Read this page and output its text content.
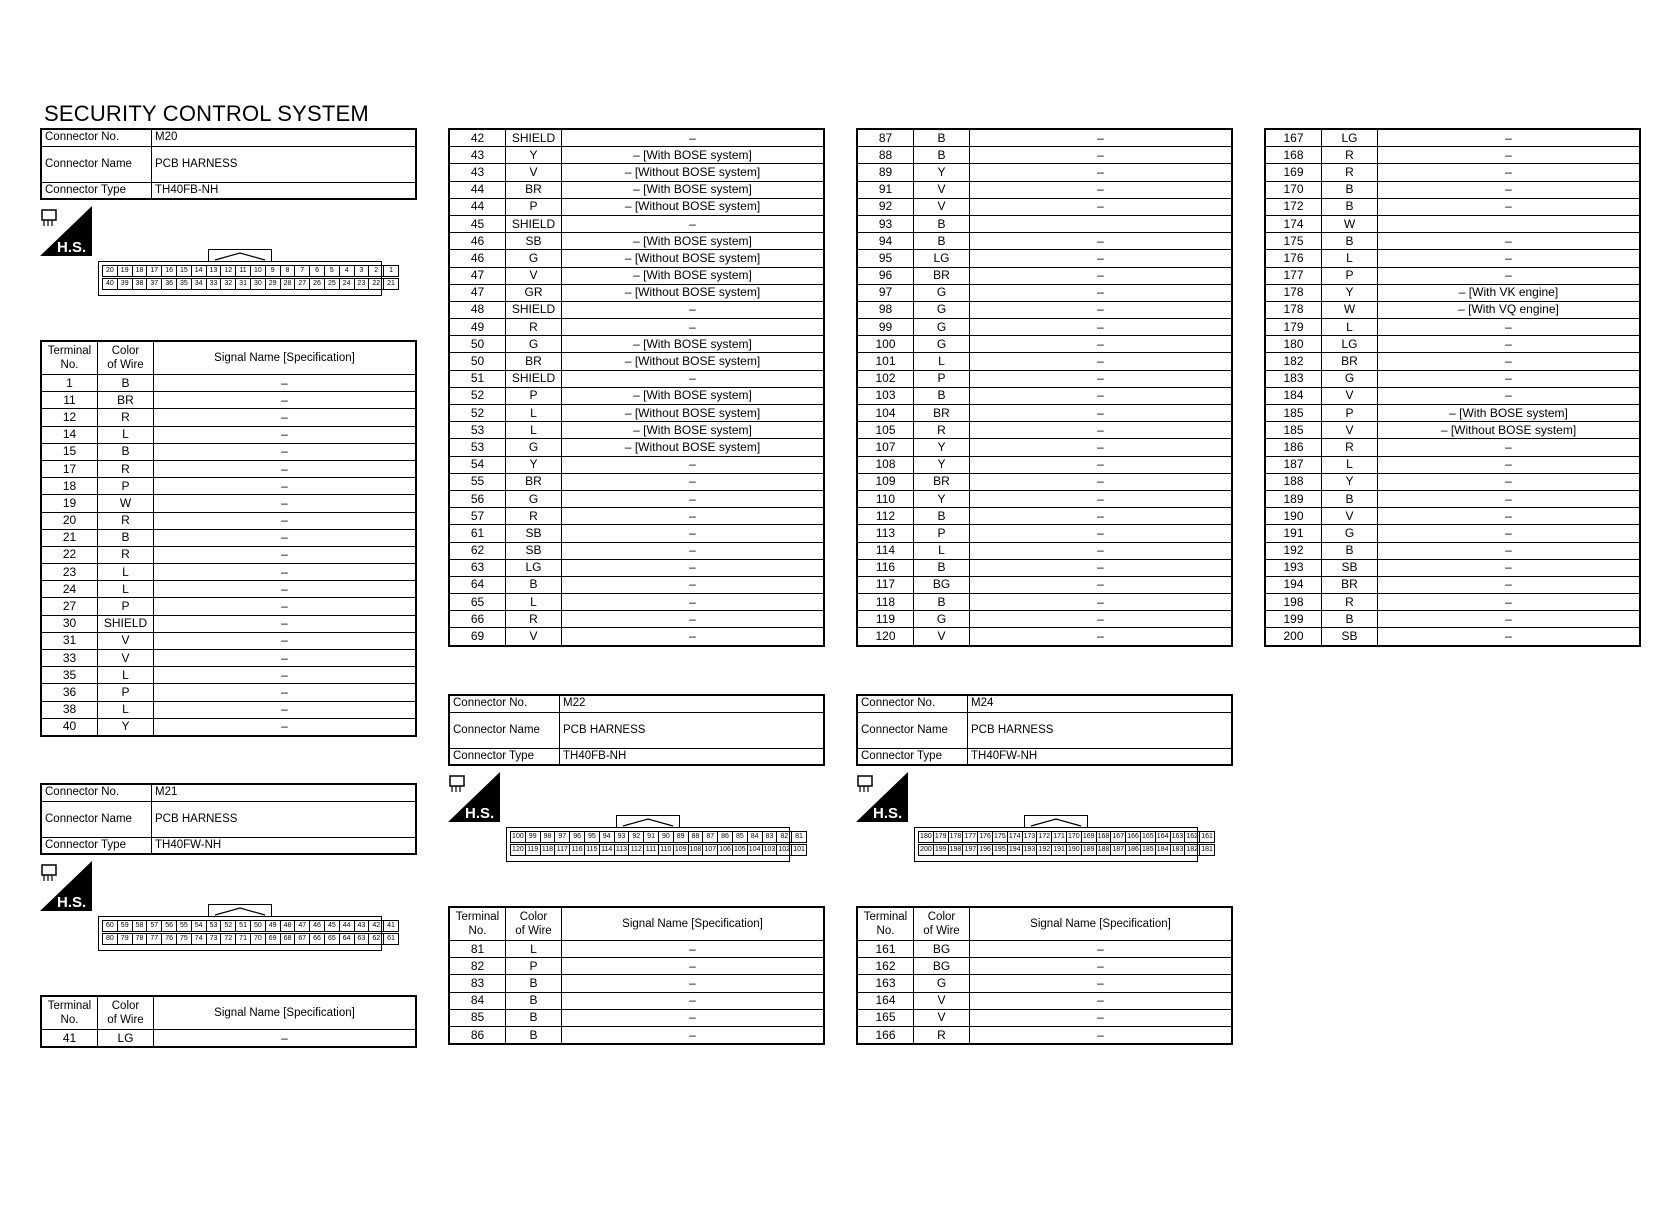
SECURITY CONTROL SYSTEM
Connector No.	M20
Connector Name	PCB HARNESS
Connector Type	TH40FB-NH
Connector No.	M21
Connector Name	PCB HARNESS
Connector Type	TH40FW-NH
Connector No.	M22
Connector Name	PCB HARNESS
Connector Type	TH40FB-NH
Connector No.	M24
Connector Name	PCB HARNESS
Connector Type	TH40FW-NH
H.S.
H.S.
H.S.	H.S.
20	19	18	17	16	15	14	13	12	11	10	9	8	7	6	5	4	3	2	1
40	39	38	37	36	35	34	33	32	31	30	29	28	27	26	25	24	23	22	21
60	59	58	57	56	55	54	53	52	51	50	49	48	47	46	45	44	43	42	41
80	79	78	77	76	75	74	73	72	71	70	69	68	67	66	65	64	63	62	61
100 99	98	97	96	95	94	93	92	91	90	89	88	87	86	85	84	83	82	81
120 119 118 117 116 115 114 113 112 111 110 109 108 107 106 105 104 103 102 101
180 179 178 177 176 175 174 173 172 171 170 169 168 167 166 165 164 163 162 161
200 199 198 197 196 195 194 193 192 191 190 189 188 187 186 185 184 183 182 181
Terminal
No.	Color
of Wire	Signal Name [Specification]
1	B	–
11	BR	–
12	R	–
14	L	–
15	B	–
17	R	–
18	P	–
19	W	–
20	R	–
21	B	–
22	R	–
23	L	–
24	L	–
27	P	–
30	SHIELD	–
31	V	–
33	V	–
35	L	–
36	P	–
38	L	–
40	Y	–
Terminal
No.	Color
of Wire	Signal Name [Specification]
41	LG	–
42	SHIELD	–
43	Y	– [With BOSE system]
43	V	– [Without BOSE system]
44	BR	– [With BOSE system]
44	P	– [Without BOSE system]
45	SHIELD	–
46	SB	– [With BOSE system]
46	G	– [Without BOSE system]
47	V	– [With BOSE system]
47	GR	– [Without BOSE system]
48	SHIELD	–
49	R	–
50	G	– [With BOSE system]
50	BR	– [Without BOSE system]
51	SHIELD	–
52	P	– [With BOSE system]
52	L	– [Without BOSE system]
53	L	– [With BOSE system]
53	G	– [Without BOSE system]
54	Y	–
55	BR	–
56	G	–
57	R	–
61	SB	–
62	SB	–
63	LG	–
64	B	–
65	L	–
66	R	–
69	V	–
Terminal
No.	Color
of Wire	Signal Name [Specification]
81	L	–
82	P	–
83	B	–
84	B	–
85	B	–
86	B	–
87	B	–
88	B	–
89	Y	–
91	V	–
92	V	–
93	B	
94	B	–
95	LG	–
96	BR	–
97	G	–
98	G	–
99	G	–
100	G	–
101	L	–
102	P	–
103	B	–
104	BR	–
105	R	–
107	Y	–
108	Y	–
109	BR	–
110	Y	–
112	B	–
113	P	–
114	L	–
116	B	–
117	BG	–
118	B	–
119	G	–
120	V	–
Terminal
No.	Color
of Wire	Signal Name [Specification]
161	BG	–
162	BG	–
163	G	–
164	V	–
165	V	–
166	R	–
167	LG	–
168	R	–
169	R	–
170	B	–
172	B	–
174	W	
175	B	–
176	L	–
177	P	–
178	Y	– [With VK engine]
178	W	– [With VQ engine]
179	L	–
180	LG	–
182	BR	–
183	G	–
184	V	–
185	P	– [With BOSE system]
185	V	– [Without BOSE system]
186	R	–
187	L	–
188	Y	–
189	B	–
190	V	–
191	G	–
192	B	–
193	SB	–
194	BR	–
198	R	–
199	B	–
200	SB	–
